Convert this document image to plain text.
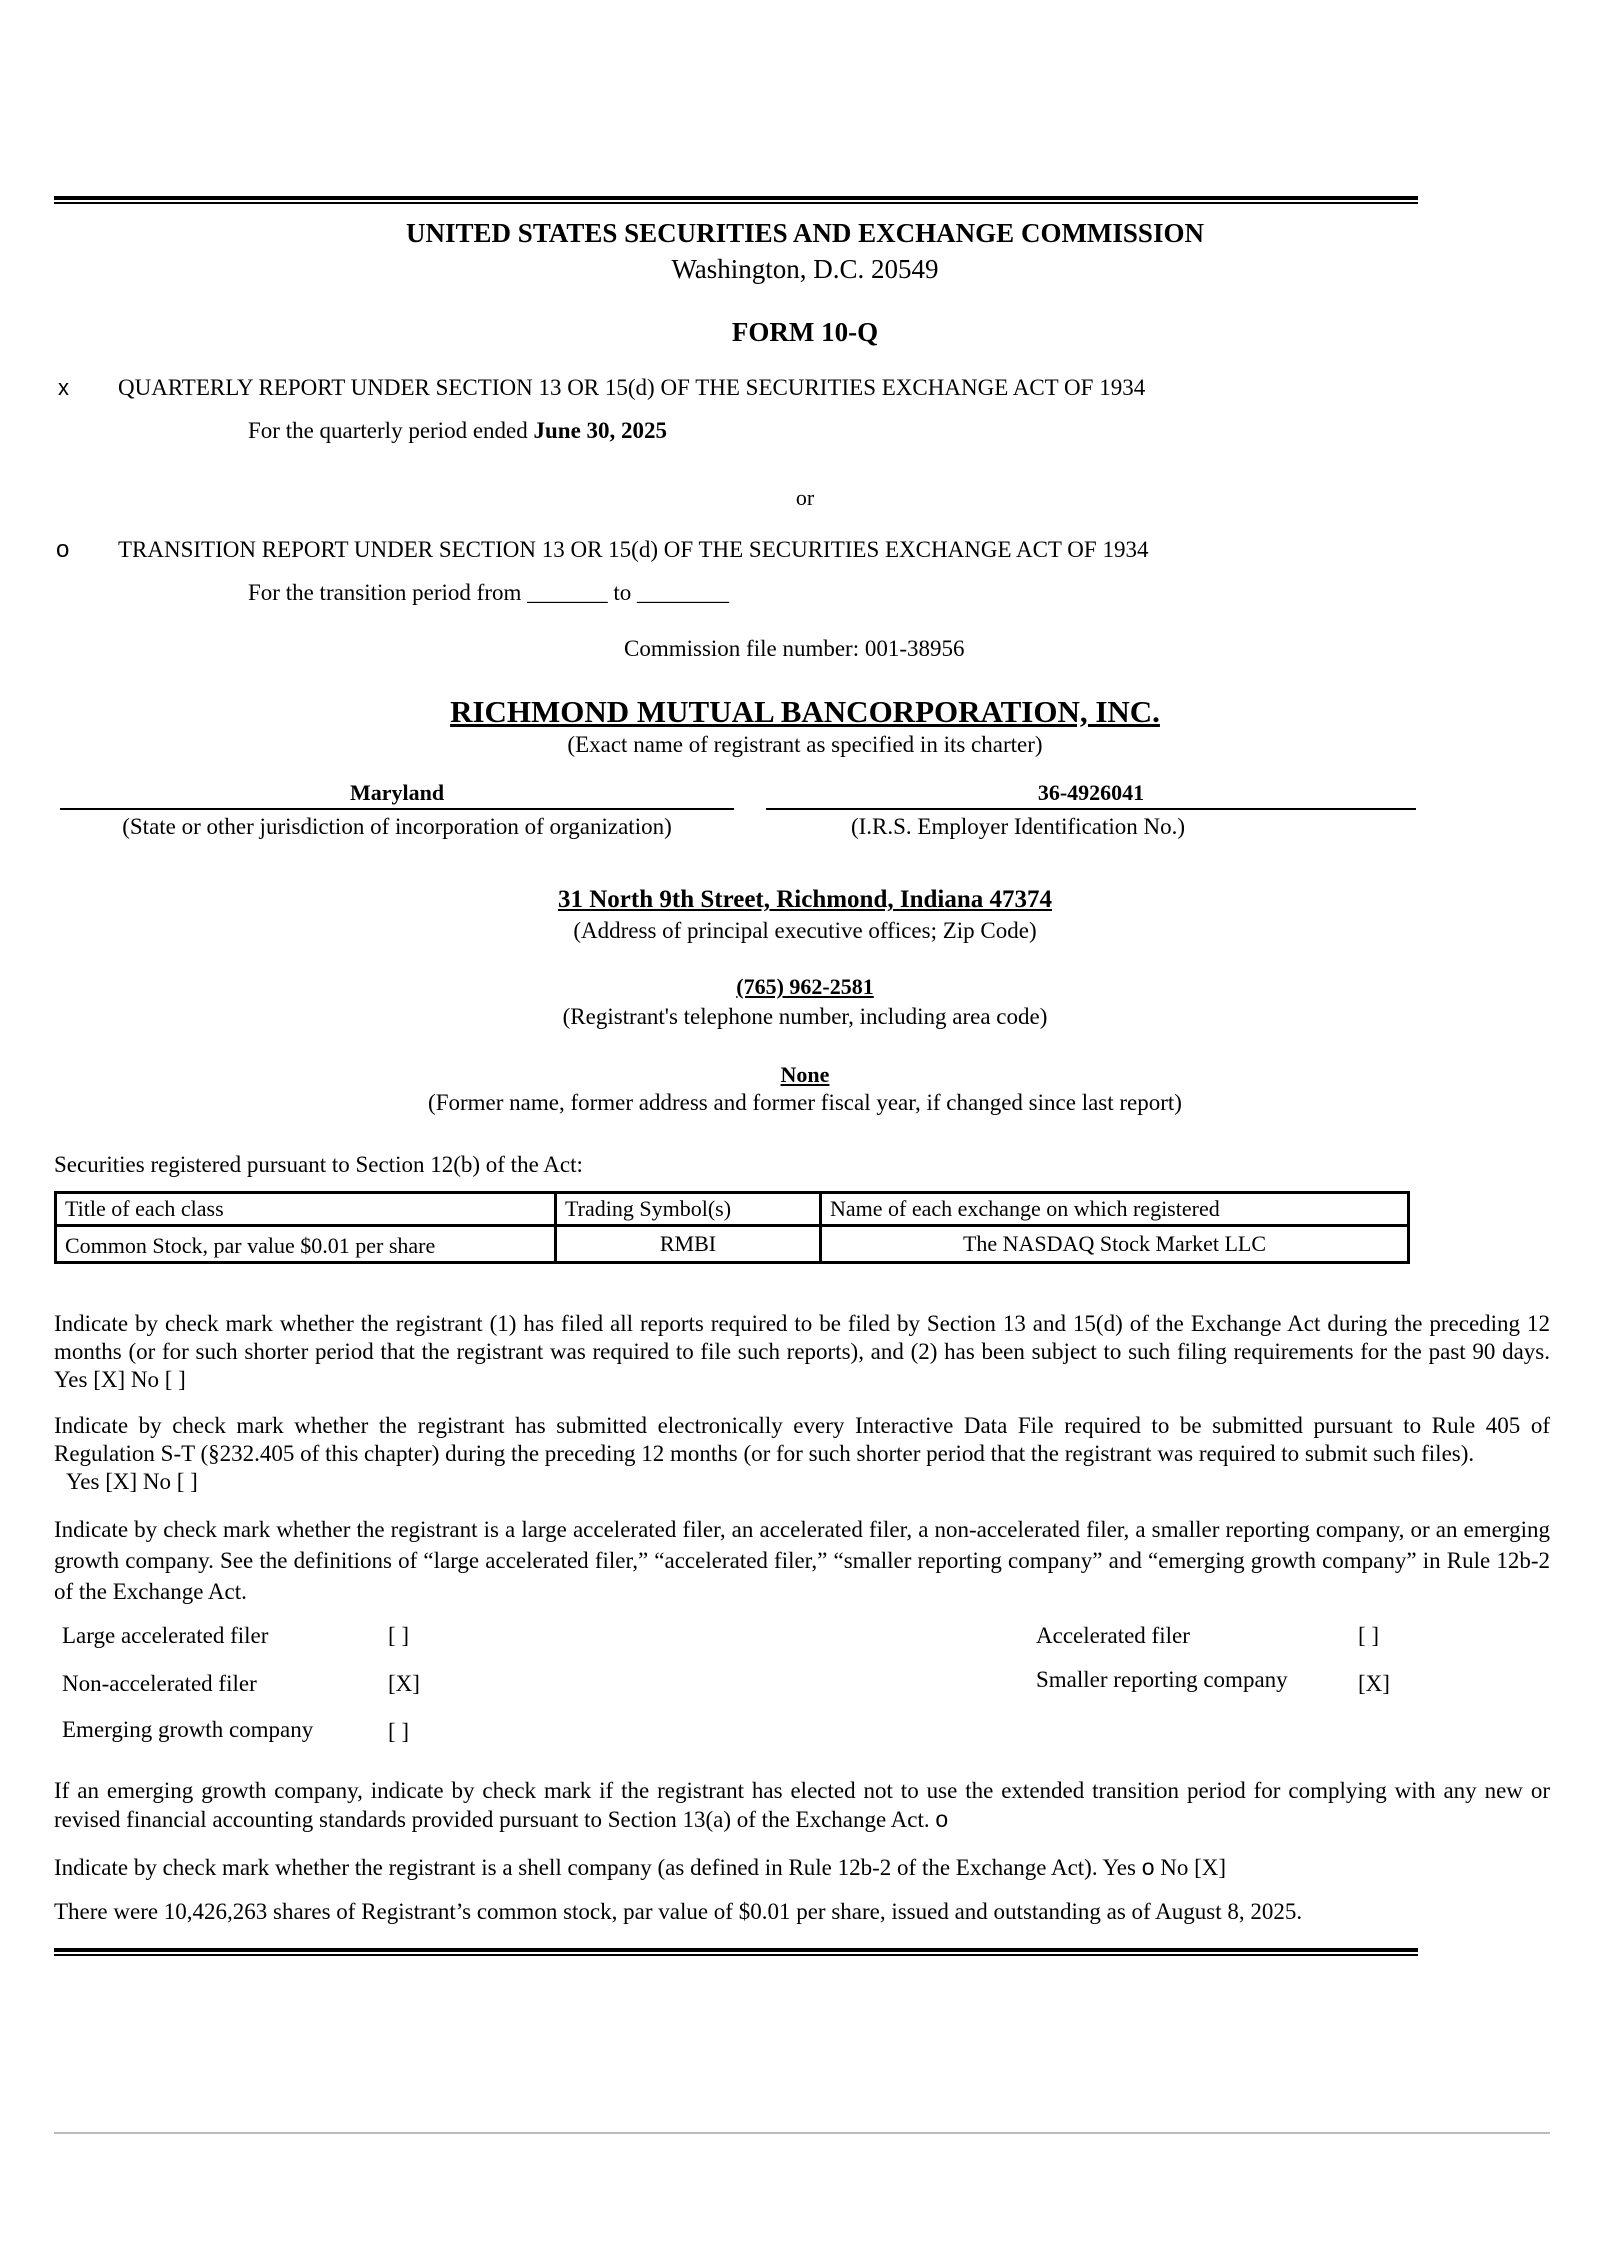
UNITED STATES SECURITIES AND EXCHANGE COMMISSION
Washington, D.C. 20549
FORM 10-Q
x QUARTERLY REPORT UNDER SECTION 13 OR 15(d) OF THE SECURITIES EXCHANGE ACT OF 1934
For the quarterly period ended June 30, 2025
or
o TRANSITION REPORT UNDER SECTION 13 OR 15(d) OF THE SECURITIES EXCHANGE ACT OF 1934
For the transition period from _______ to ________
Commission file number: 001-38956
RICHMOND MUTUAL BANCORPORATION, INC.
(Exact name of registrant as specified in its charter)
Maryland
(State or other jurisdiction of incorporation of organization)
36-4926041
(I.R.S. Employer Identification No.)
31 North 9th Street, Richmond, Indiana 47374
(Address of principal executive offices; Zip Code)
(765) 962-2581
(Registrant's telephone number, including area code)
None
(Former name, former address and former fiscal year, if changed since last report)
Securities registered pursuant to Section 12(b) of the Act:
Title of each class	Trading Symbol(s)	Name of each exchange on which registered
Common Stock, par value $0.01 per share	RMBI	The NASDAQ Stock Market LLC
Indicate by check mark whether the registrant (1) has filed all reports required to be filed by Section 13 and 15(d) of the Exchange Act during the preceding 12 months (or for such shorter period that the registrant was required to file such reports), and (2) has been subject to such filing requirements for the past 90 days. Yes [X] No [ ]
Indicate by check mark whether the registrant has submitted electronically every Interactive Data File required to be submitted pursuant to Rule 405 of Regulation S-T (§232.405 of this chapter) during the preceding 12 months (or for such shorter period that the registrant was required to submit such files).
Yes [X] No [ ]
Indicate by check mark whether the registrant is a large accelerated filer, an accelerated filer, a non-accelerated filer, a smaller reporting company, or an emerging growth company. See the definitions of “large accelerated filer,” “accelerated filer,” “smaller reporting company” and “emerging growth company” in Rule 12b-2 of the Exchange Act.
Large accelerated filer	[ ]
Non-accelerated filer	[X]
Emerging growth company	[ ]
Accelerated filer	[ ]
Smaller reporting company	[X]
If an emerging growth company, indicate by check mark if the registrant has elected not to use the extended transition period for complying with any new or revised financial accounting standards provided pursuant to Section 13(a) of the Exchange Act. o
Indicate by check mark whether the registrant is a shell company (as defined in Rule 12b-2 of the Exchange Act). Yes o No [X]
There were 10,426,263 shares of Registrant’s common stock, par value of $0.01 per share, issued and outstanding as of August 8, 2025.
